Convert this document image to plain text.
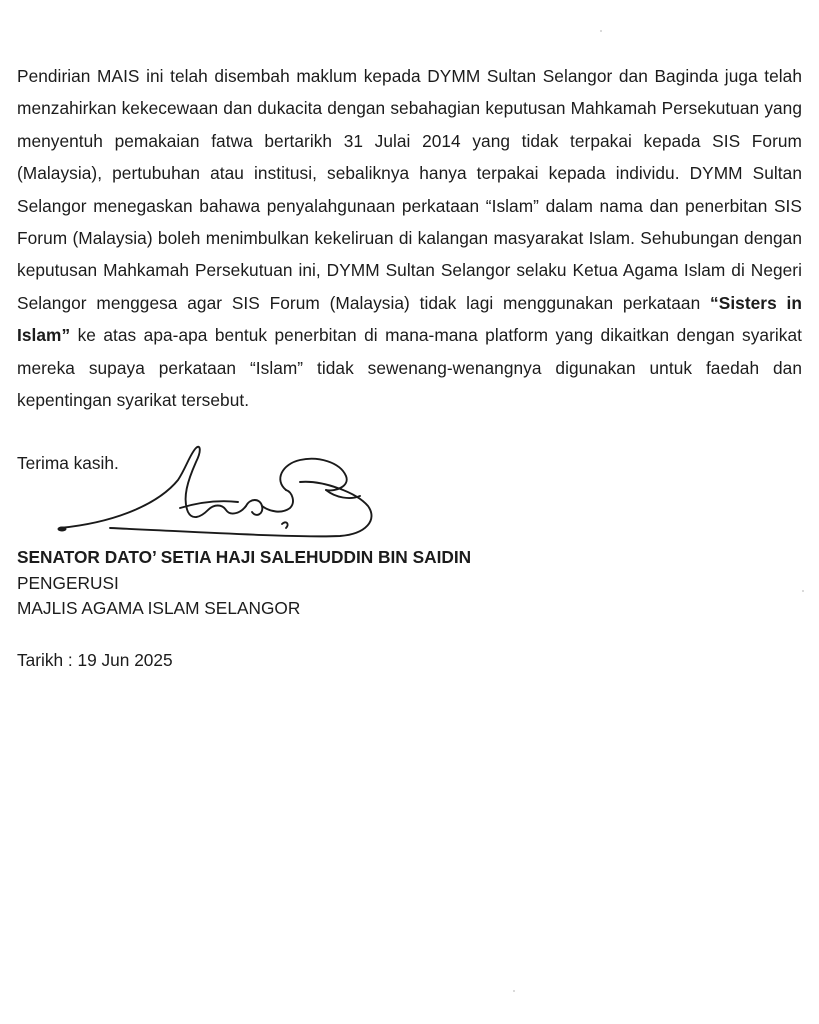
Pendirian MAIS ini telah disembah maklum kepada DYMM Sultan Selangor dan Baginda juga telah menzahirkan kekecewaan dan dukacita dengan sebahagian keputusan Mahkamah Persekutuan yang menyentuh pemakaian fatwa bertarikh 31 Julai 2014 yang tidak terpakai kepada SIS Forum (Malaysia), pertubuhan atau institusi, sebaliknya hanya terpakai kepada individu. DYMM Sultan Selangor menegaskan bahawa penyalahgunaan perkataan “Islam” dalam nama dan penerbitan SIS Forum (Malaysia) boleh menimbulkan kekeliruan di kalangan masyarakat Islam. Sehubungan dengan keputusan Mahkamah Persekutuan ini, DYMM Sultan Selangor selaku Ketua Agama Islam di Negeri Selangor menggesa agar SIS Forum (Malaysia) tidak lagi menggunakan perkataan “Sisters in Islam” ke atas apa-apa bentuk penerbitan di mana-mana platform yang dikaitkan dengan syarikat mereka supaya perkataan “Islam” tidak sewenang-wenangnya digunakan untuk faedah dan kepentingan syarikat tersebut.

Terima kasih.

SENATOR DATO’ SETIA HAJI SALEHUDDIN BIN SAIDIN

PENGERUSI

MAJLIS AGAMA ISLAM SELANGOR

Tarikh : 19 Jun 2025
